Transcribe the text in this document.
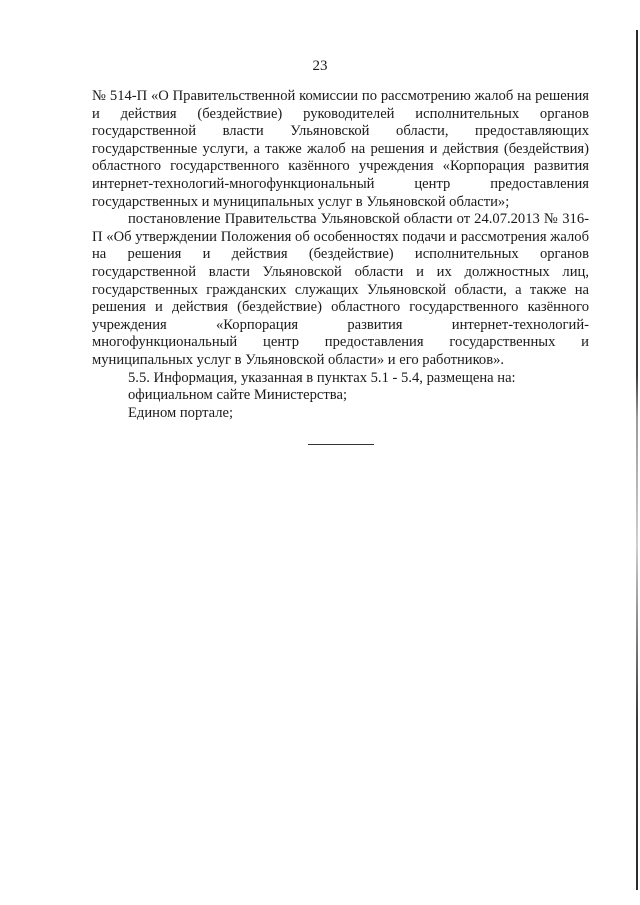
23

№ 514-П «О Правительственной комиссии по рассмотрению жалоб на решения и действия (бездействие) руководителей исполнительных органов государственной власти Ульяновской области, предоставляющих государственные услуги, а также жалоб на решения и действия (бездействия) областного государственного казённого учреждения «Корпорация развития интернет-технологий-многофункциональный центр предоставления государственных и муниципальных услуг в Ульяновской области»;

постановление Правительства Ульяновской области от 24.07.2013 № 316-П «Об утверждении Положения об особенностях подачи и рассмотрения жалоб на решения и действия (бездействие) исполнительных органов государственной власти Ульяновской области и их должностных лиц, государственных гражданских служащих Ульяновской области, а также на решения и действия (бездействие) областного государственного казённого учреждения «Корпорация развития интернет-технологий-многофункциональный центр предоставления государственных и муниципальных услуг в Ульяновской области» и его работников».

5.5. Информация, указанная в пунктах 5.1 - 5.4, размещена на:

официальном сайте Министерства;

Едином портале;
